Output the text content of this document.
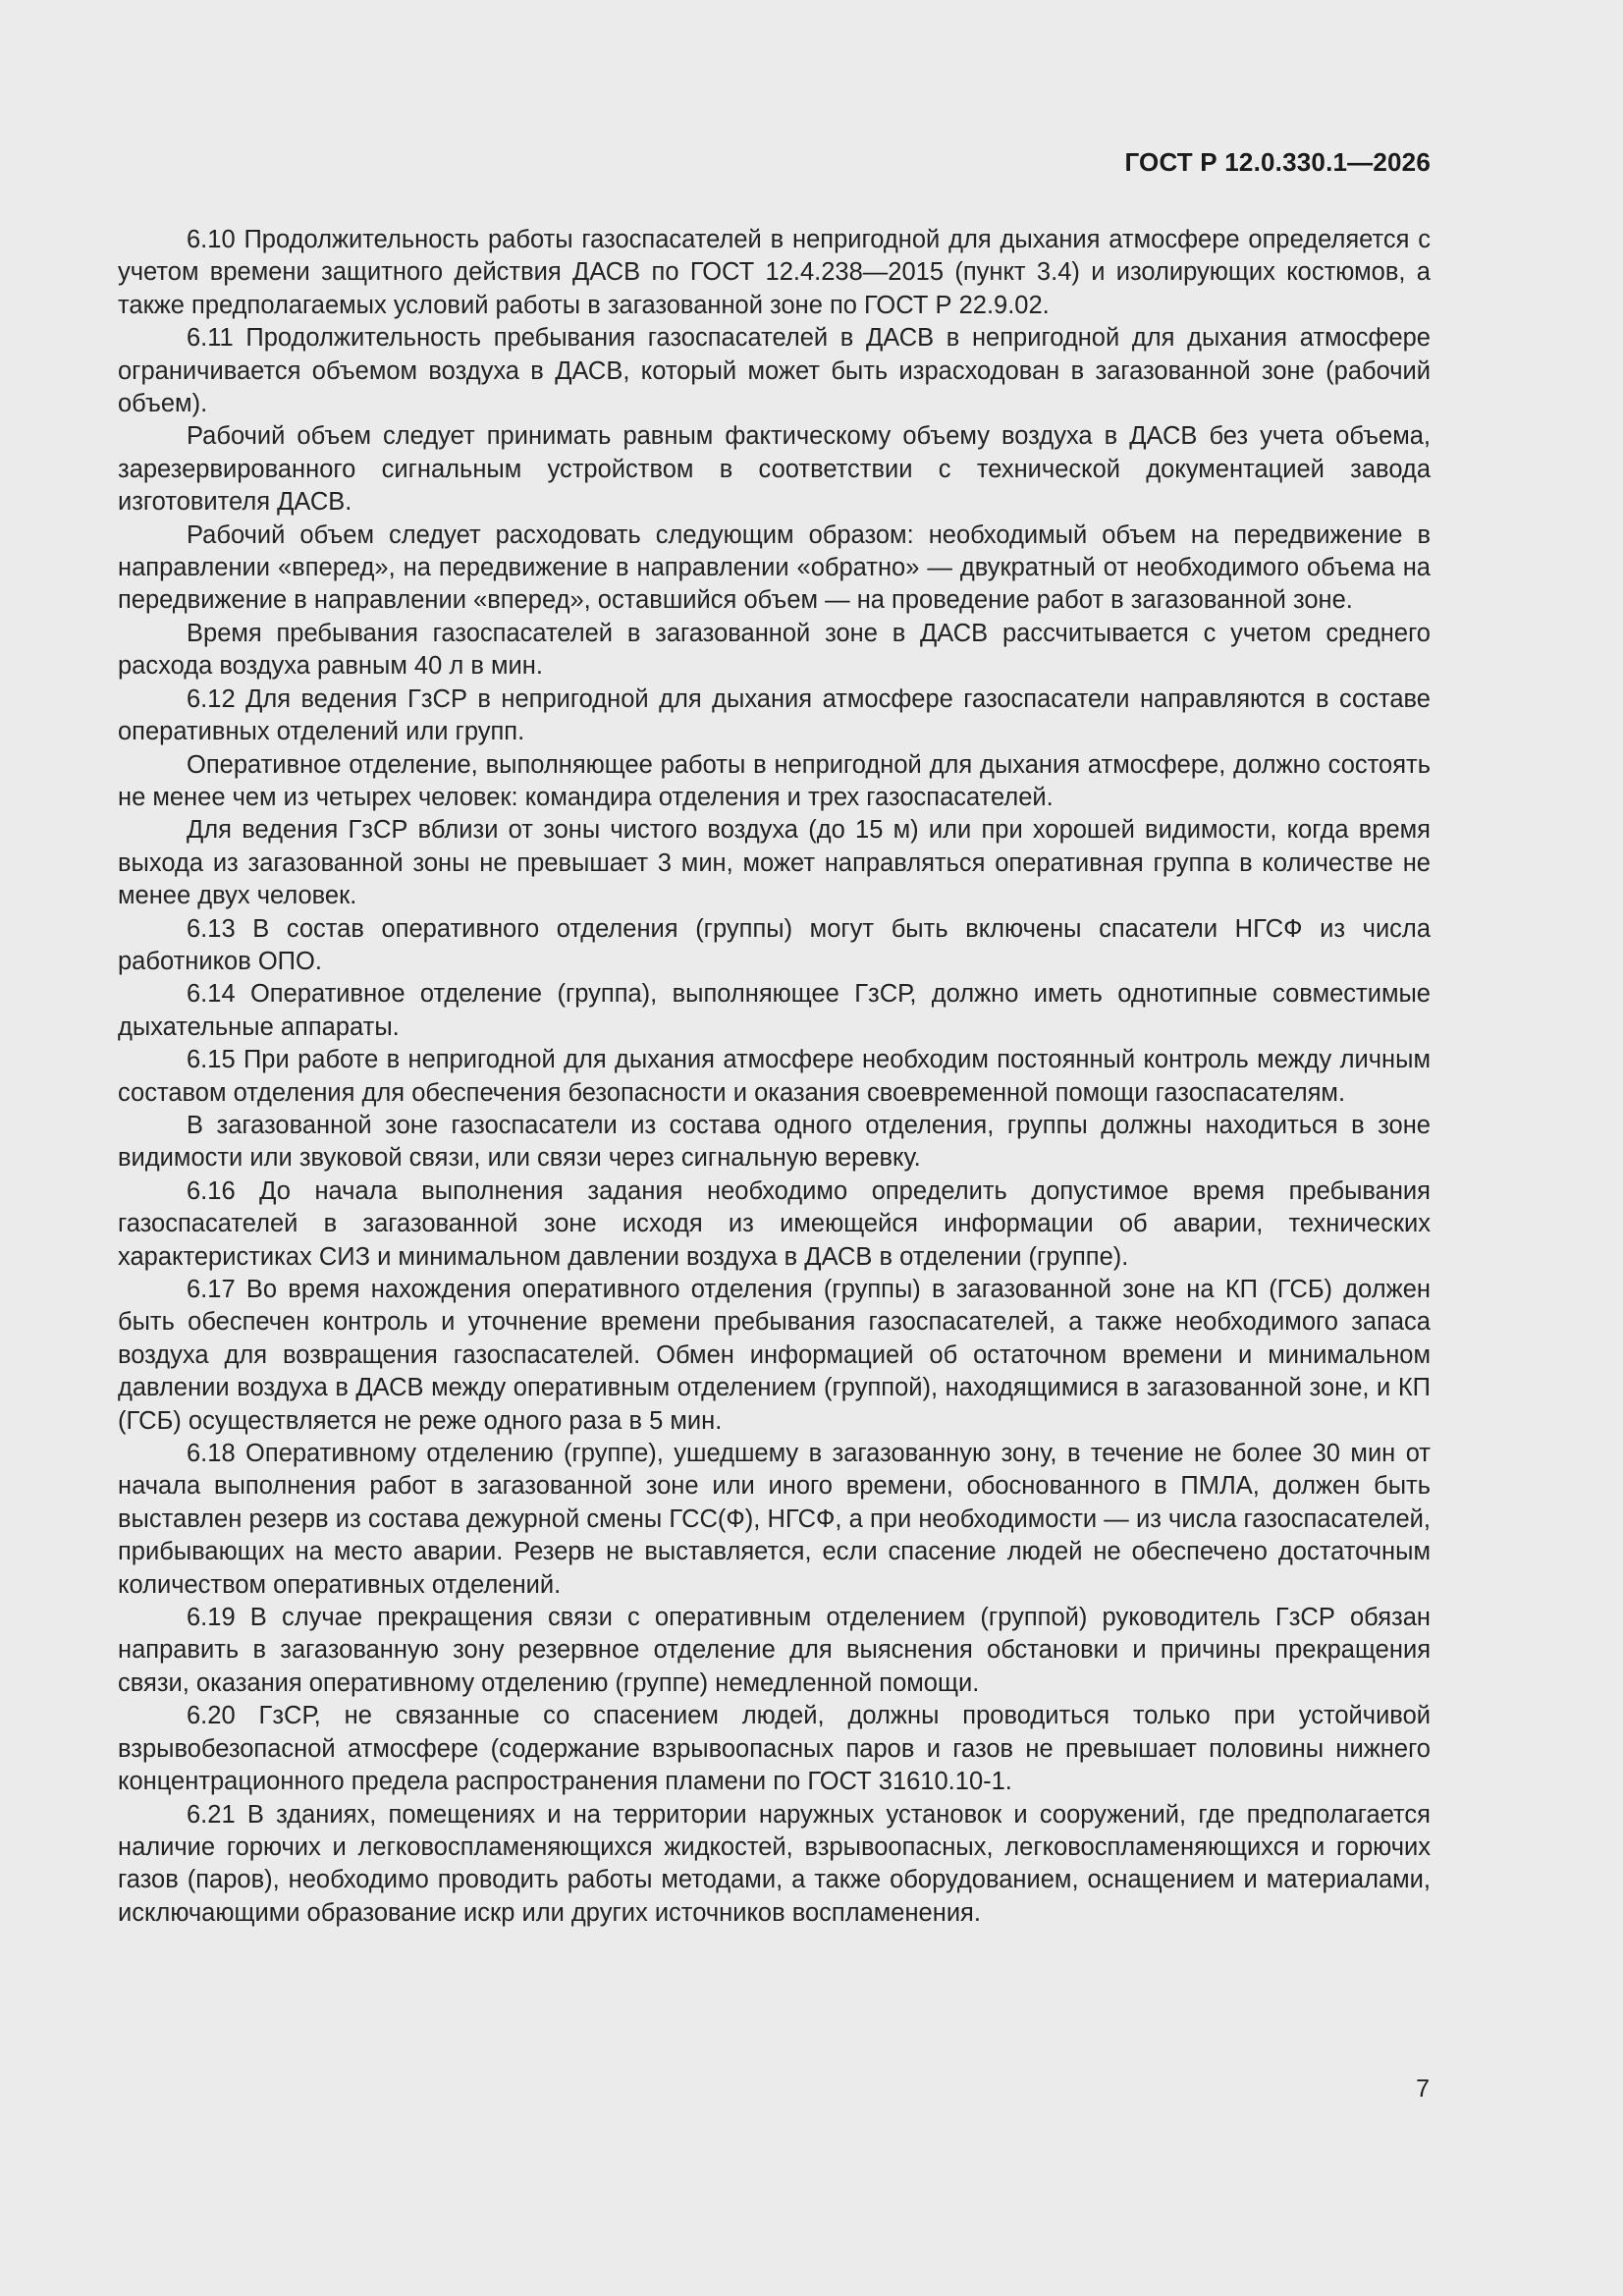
ГОСТ Р 12.0.330.1—2026

6.10 Продолжительность работы газоспасателей в непригодной для дыхания атмосфере определяется с учетом времени защитного действия ДАСВ по ГОСТ 12.4.238—2015 (пункт 3.4) и изолирующих костюмов, а также предполагаемых условий работы в загазованной зоне по ГОСТ Р 22.9.02.

6.11 Продолжительность пребывания газоспасателей в ДАСВ в непригодной для дыхания атмосфере ограничивается объемом воздуха в ДАСВ, который может быть израсходован в загазованной зоне (рабочий объем).

Рабочий объем следует принимать равным фактическому объему воздуха в ДАСВ без учета объема, зарезервированного сигнальным устройством в соответствии с технической документацией завода изготовителя ДАСВ.

Рабочий объем следует расходовать следующим образом: необходимый объем на передвижение в направлении «вперед», на передвижение в направлении «обратно» — двукратный от необходимого объема на передвижение в направлении «вперед», оставшийся объем — на проведение работ в загазованной зоне.

Время пребывания газоспасателей в загазованной зоне в ДАСВ рассчитывается с учетом среднего расхода воздуха равным 40 л в мин.

6.12 Для ведения ГзСР в непригодной для дыхания атмосфере газоспасатели направляются в составе оперативных отделений или групп.

Оперативное отделение, выполняющее работы в непригодной для дыхания атмосфере, должно состоять не менее чем из четырех человек: командира отделения и трех газоспасателей.

Для ведения ГзСР вблизи от зоны чистого воздуха (до 15 м) или при хорошей видимости, когда время выхода из загазованной зоны не превышает 3 мин, может направляться оперативная группа в количестве не менее двух человек.

6.13 В состав оперативного отделения (группы) могут быть включены спасатели НГСФ из числа работников ОПО.

6.14 Оперативное отделение (группа), выполняющее ГзСР, должно иметь однотипные совместимые дыхательные аппараты.

6.15 При работе в непригодной для дыхания атмосфере необходим постоянный контроль между личным составом отделения для обеспечения безопасности и оказания своевременной помощи газоспасателям.

В загазованной зоне газоспасатели из состава одного отделения, группы должны находиться в зоне видимости или звуковой связи, или связи через сигнальную веревку.

6.16 До начала выполнения задания необходимо определить допустимое время пребывания газоспасателей в загазованной зоне исходя из имеющейся информации об аварии, технических характеристиках СИЗ и минимальном давлении воздуха в ДАСВ в отделении (группе).

6.17 Во время нахождения оперативного отделения (группы) в загазованной зоне на КП (ГСБ) должен быть обеспечен контроль и уточнение времени пребывания газоспасателей, а также необходимого запаса воздуха для возвращения газоспасателей. Обмен информацией об остаточном времени и минимальном давлении воздуха в ДАСВ между оперативным отделением (группой), находящимися в загазованной зоне, и КП (ГСБ) осуществляется не реже одного раза в 5 мин.

6.18 Оперативному отделению (группе), ушедшему в загазованную зону, в течение не более 30 мин от начала выполнения работ в загазованной зоне или иного времени, обоснованного в ПМЛА, должен быть выставлен резерв из состава дежурной смены ГСС(Ф), НГСФ, а при необходимости — из числа газоспасателей, прибывающих на место аварии. Резерв не выставляется, если спасение людей не обеспечено достаточным количеством оперативных отделений.

6.19 В случае прекращения связи с оперативным отделением (группой) руководитель ГзСР обязан направить в загазованную зону резервное отделение для выяснения обстановки и причины прекращения связи, оказания оперативному отделению (группе) немедленной помощи.

6.20 ГзСР, не связанные со спасением людей, должны проводиться только при устойчивой взрывобезопасной атмосфере (содержание взрывоопасных паров и газов не превышает половины нижнего концентрационного предела распространения пламени по ГОСТ 31610.10-1.

6.21 В зданиях, помещениях и на территории наружных установок и сооружений, где предполагается наличие горючих и легковоспламеняющихся жидкостей, взрывоопасных, легковоспламеняющихся и горючих газов (паров), необходимо проводить работы методами, а также оборудованием, оснащением и материалами, исключающими образование искр или других источников воспламенения.

7
